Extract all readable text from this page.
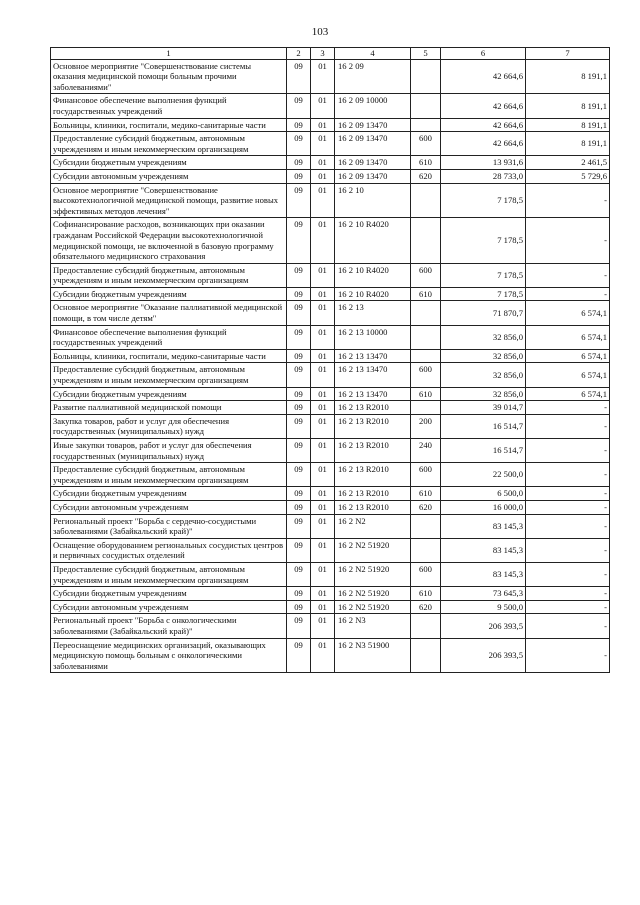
103
1	2	3	4	5	6	7
Основное мероприятие "Совершенствование системы оказания медицинской помощи больным прочими заболеваниями"	09	01	16 2 09		42 664,6	8 191,1
Финансовое обеспечение выполнения функций государственных учреждений	09	01	16 2 09 10000		42 664,6	8 191,1
Больницы, клиники, госпитали, медико-санитарные части	09	01	16 2 09 13470		42 664,6	8 191,1
Предоставление субсидий бюджетным, автономным учреждениям и иным некоммерческим организациям	09	01	16 2 09 13470	600	42 664,6	8 191,1
Субсидии бюджетным учреждениям	09	01	16 2 09 13470	610	13 931,6	2 461,5
Субсидии автономным учреждениям	09	01	16 2 09 13470	620	28 733,0	5 729,6
Основное мероприятие "Совершенствование высокотехнологичной медицинской помощи, развитие новых эффективных методов лечения"	09	01	16 2 10		7 178,5	-
Софинансирование расходов, возникающих при оказании гражданам Российской Федерации высокотехнологичной медицинской помощи, не включенной в базовую программу обязательного медицинского страхования	09	01	16 2 10 R4020		7 178,5	-
Предоставление субсидий бюджетным, автономным учреждениям и иным некоммерческим организациям	09	01	16 2 10 R4020	600	7 178,5	-
Субсидии бюджетным учреждениям	09	01	16 2 10 R4020	610	7 178,5	-
Основное мероприятие "Оказание паллиативной медицинской помощи, в том числе детям"	09	01	16 2 13		71 870,7	6 574,1
Финансовое обеспечение выполнения функций государственных учреждений	09	01	16 2 13 10000		32 856,0	6 574,1
Больницы, клиники, госпитали, медико-санитарные части	09	01	16 2 13 13470		32 856,0	6 574,1
Предоставление субсидий бюджетным, автономным учреждениям и иным некоммерческим организациям	09	01	16 2 13 13470	600	32 856,0	6 574,1
Субсидии бюджетным учреждениям	09	01	16 2 13 13470	610	32 856,0	6 574,1
Развитие паллиативной медицинской помощи	09	01	16 2 13 R2010		39 014,7	-
Закупка товаров, работ и услуг для обеспечения государственных (муниципальных) нужд	09	01	16 2 13 R2010	200	16 514,7	-
Иные закупки товаров, работ и услуг для обеспечения государственных (муниципальных) нужд	09	01	16 2 13 R2010	240	16 514,7	-
Предоставление субсидий бюджетным, автономным учреждениям и иным некоммерческим организациям	09	01	16 2 13 R2010	600	22 500,0	-
Субсидии бюджетным учреждениям	09	01	16 2 13 R2010	610	6 500,0	-
Субсидии автономным учреждениям	09	01	16 2 13 R2010	620	16 000,0	-
Региональный проект "Борьба с сердечно-сосудистыми заболеваниями (Забайкальский край)"	09	01	16 2 N2		83 145,3	-
Оснащение оборудованием региональных сосудистых центров и первичных сосудистых отделений	09	01	16 2 N2 51920		83 145,3	-
Предоставление субсидий бюджетным, автономным учреждениям и иным некоммерческим организациям	09	01	16 2 N2 51920	600	83 145,3	-
Субсидии бюджетным учреждениям	09	01	16 2 N2 51920	610	73 645,3	-
Субсидии автономным учреждениям	09	01	16 2 N2 51920	620	9 500,0	-
Региональный проект "Борьба с онкологическими заболеваниями (Забайкальский край)"	09	01	16 2 N3		206 393,5	-
Переоснащение медицинских организаций, оказывающих медицинскую помощь больным с онкологическими заболеваниями	09	01	16 2 N3 51900		206 393,5	-
